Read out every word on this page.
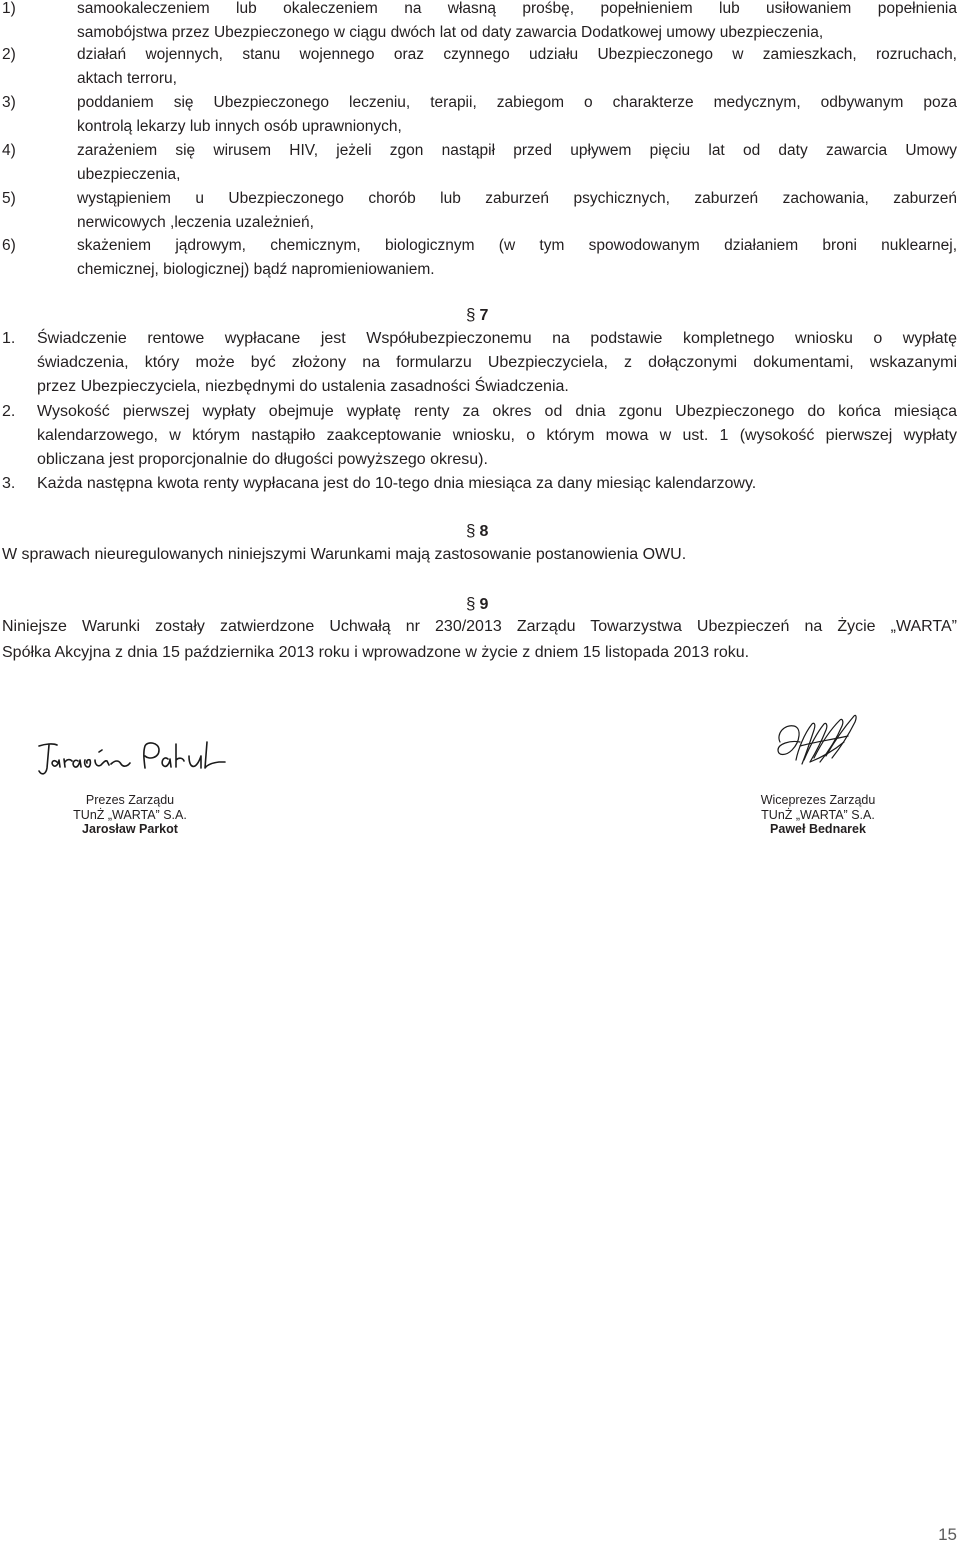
1)	samookaleczeniem lub okaleczeniem na własną prośbę, popełnieniem lub usiłowaniem popełnienia
samobójstwa przez Ubezpieczonego w ciągu dwóch lat od daty zawarcia Dodatkowej umowy ubezpieczenia,
2)	działań wojennych, stanu wojennego oraz czynnego udziału Ubezpieczonego w zamieszkach, rozruchach,
aktach terroru,
3)	poddaniem się Ubezpieczonego leczeniu, terapii, zabiegom o charakterze medycznym, odbywanym poza
kontrolą lekarzy lub innych osób uprawnionych,
4)	zarażeniem się wirusem HIV, jeżeli zgon nastąpił przed upływem pięciu lat od daty zawarcia Umowy
ubezpieczenia,
5)	wystąpieniem u Ubezpieczonego chorób lub zaburzeń psychicznych, zaburzeń zachowania, zaburzeń
nerwicowych ,leczenia uzależnień,
6)	skażeniem jądrowym, chemicznym, biologicznym (w tym spowodowanym działaniem broni nuklearnej,
chemicznej, biologicznej) bądź napromieniowaniem.
§ 7
1. Świadczenie rentowe wypłacane jest Współubezpieczonemu na podstawie kompletnego wniosku o wypłatę
świadczenia, który może być złożony na formularzu Ubezpieczyciela, z dołączonymi dokumentami, wskazanymi
przez Ubezpieczyciela, niezbędnymi do ustalenia zasadności Świadczenia.
2. Wysokość pierwszej wypłaty obejmuje wypłatę renty za okres od dnia zgonu Ubezpieczonego do końca miesiąca
kalendarzowego, w którym nastąpiło zaakceptowanie wniosku, o którym mowa w ust. 1 (wysokość pierwszej wypłaty
obliczana jest proporcjonalnie do długości powyższego okresu).
3. Każda następna kwota renty wypłacana jest do 10-tego dnia miesiąca za dany miesiąc kalendarzowy.
§ 8
W sprawach nieuregulowanych niniejszymi Warunkami mają zastosowanie postanowienia OWU.
§ 9
Niniejsze Warunki zostały zatwierdzone Uchwałą nr 230/2013 Zarządu Towarzystwa Ubezpieczeń na Życie „WARTA”
Spółka Akcyjna z dnia 15 października 2013 roku i wprowadzone w życie z dniem 15 listopada 2013 roku.
Prezes Zarządu
TUnŻ „WARTA” S.A.
Jarosław Parkot
Wiceprezes Zarządu
TUnŻ „WARTA” S.A.
Paweł Bednarek
15
